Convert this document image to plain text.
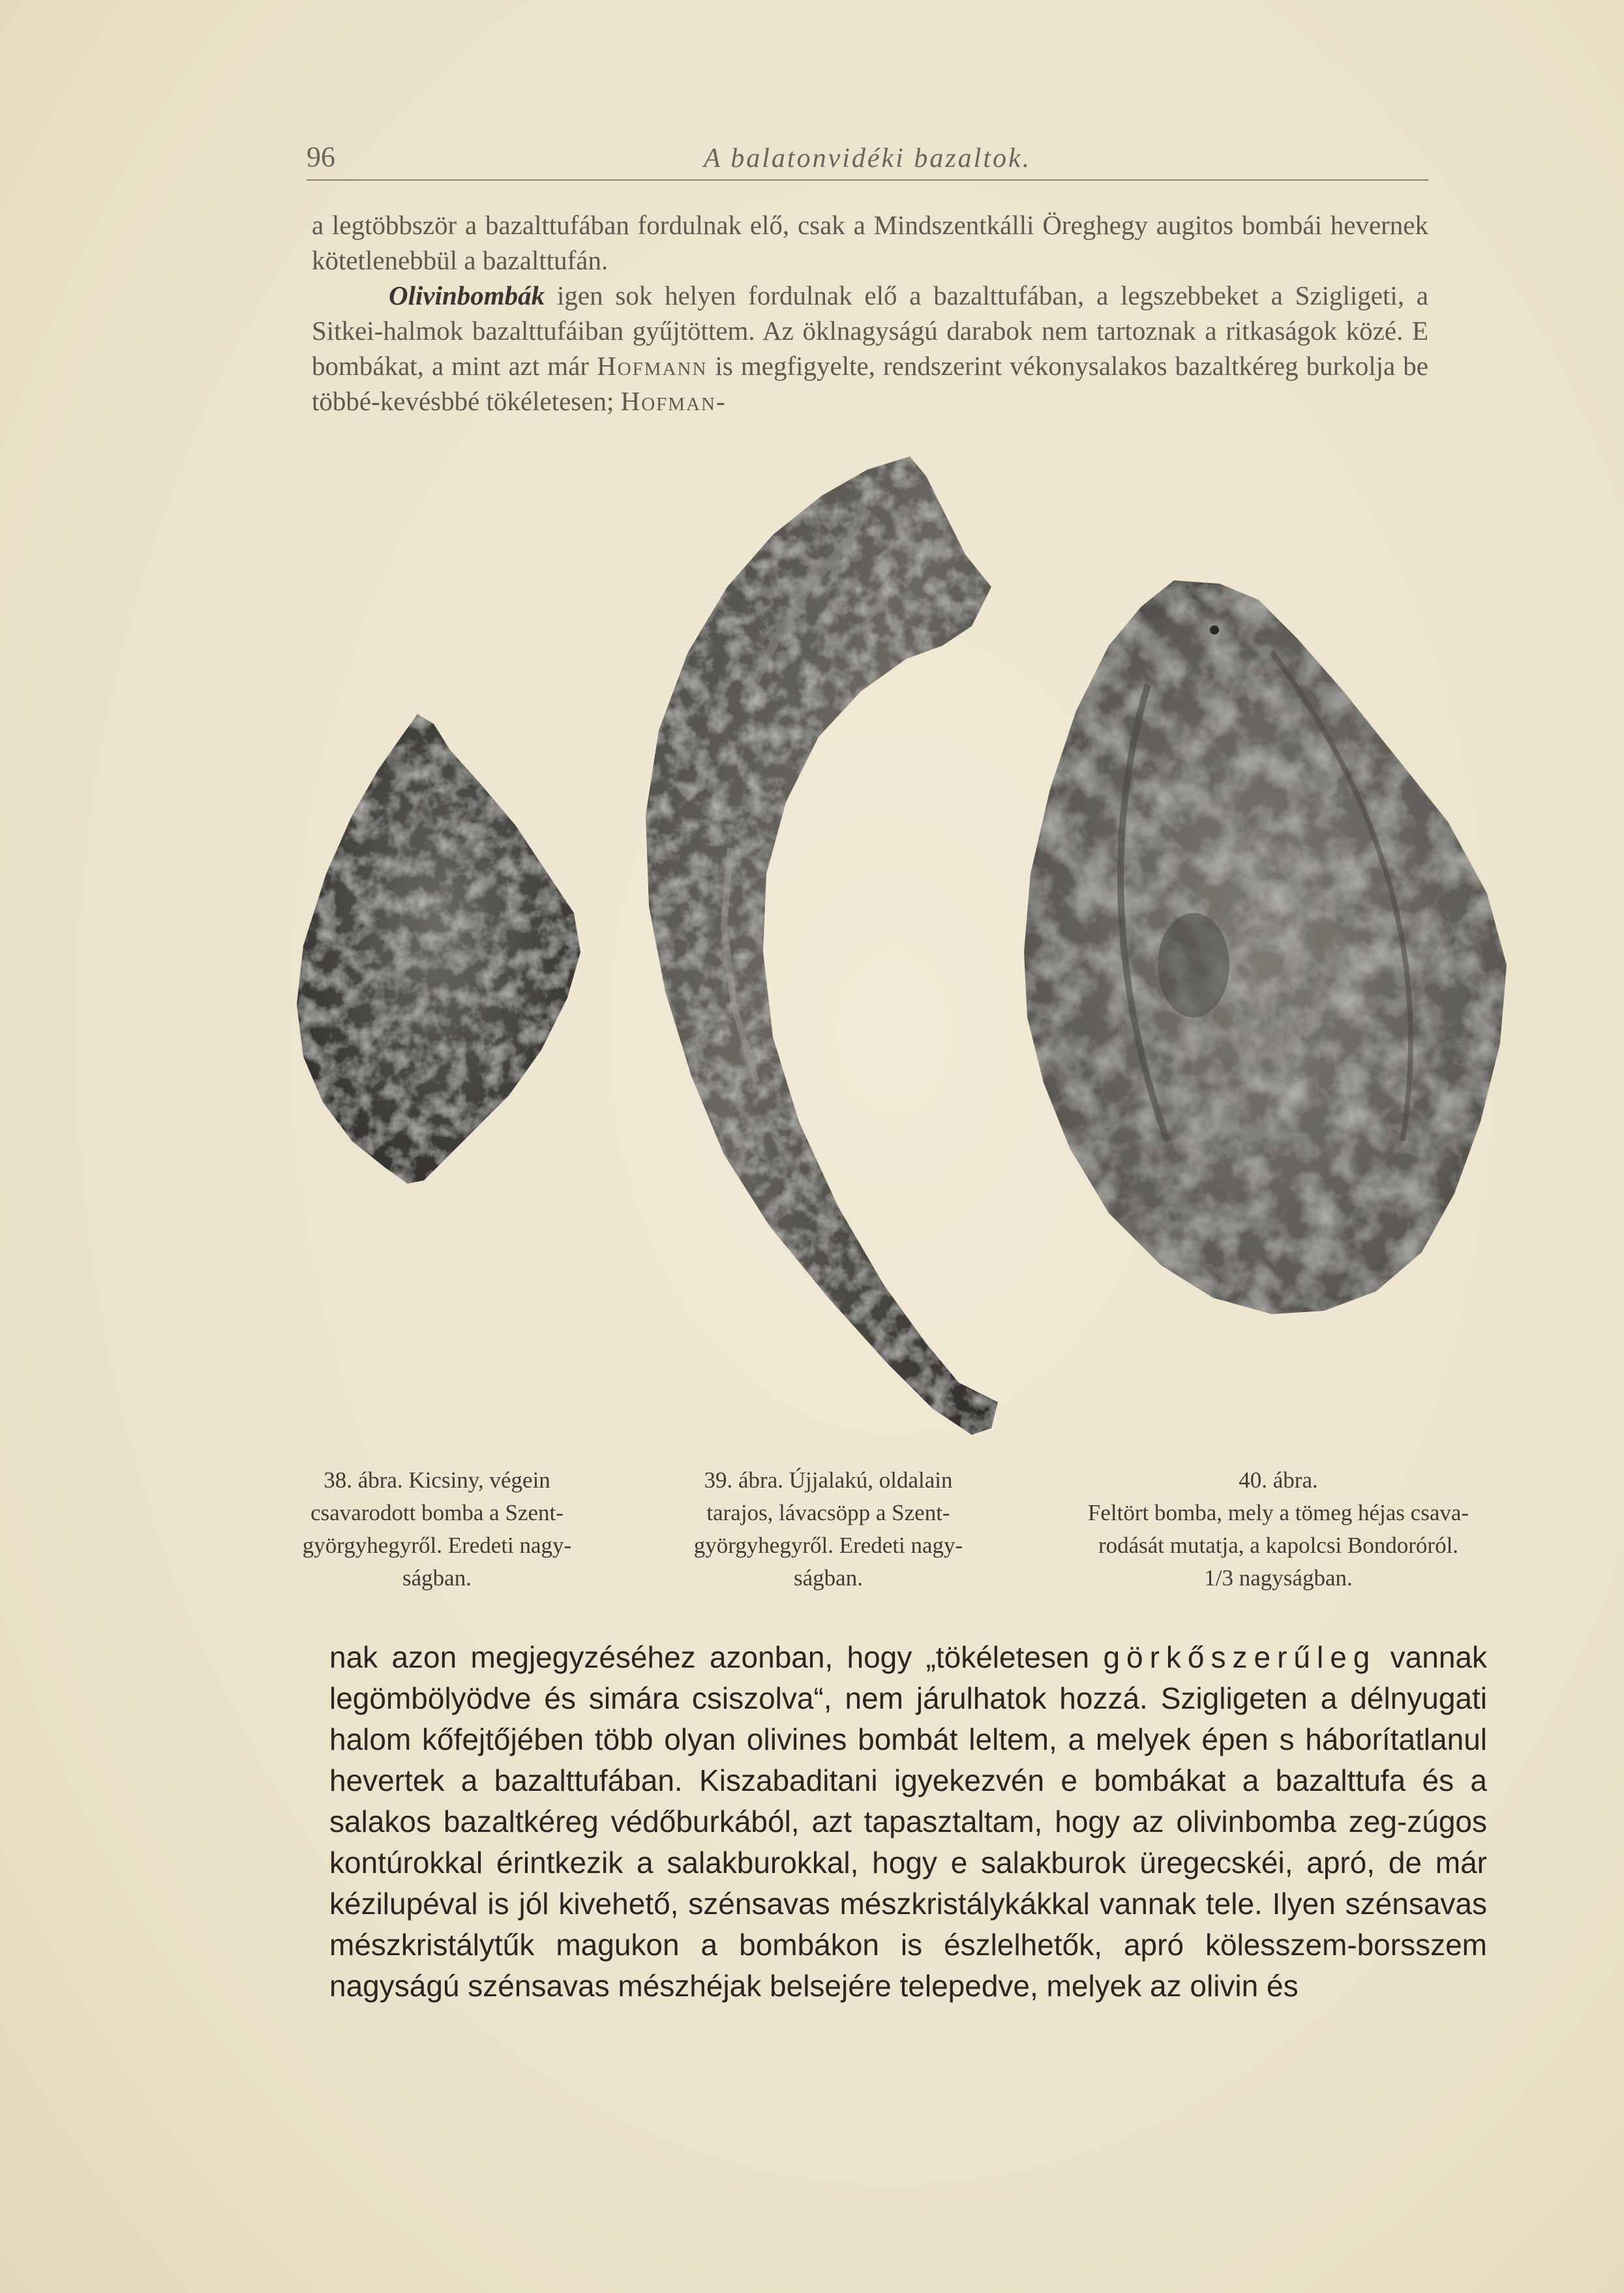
96	A balatonvidéki bazaltok.

a legtöbbször a bazalttufában fordulnak elő, csak a Mindszentkálli Öreghegy augitos bombái hevernek kötetlenebbül a bazalttufán.

Olivinbombák igen sok helyen fordulnak elő a bazalttufában, a legszebbeket a Szigligeti, a Sitkei-halmok bazalttufáiban gyűjtöttem. Az öklnagyságú darabok nem tartoznak a ritkaságok közé. E bombákat, a mint azt már Hofmann is megfigyelte, rendszerint vékonysalakos bazaltkéreg burkolja be többé-kevésbbé tökéletesen; Hofman-

38. ábra. Kicsiny, végein
csavarodott bomba a Szent-
györgyhegyről. Eredeti nagy-
ságban.
39. ábra. Újjalakú, oldalain
tarajos, lávacsöpp a Szent-
györgyhegyről. Eredeti nagy-
ságban.
40. ábra.
Feltört bomba, mely a tömeg héjas csava-
rodását mutatja, a kapolcsi Bondoróról.
1/3 nagyságban.

nak azon megjegyzéséhez azonban, hogy „tökéletesen görkőszerűleg vannak legömbölyödve és simára csiszolva“, nem járulhatok hozzá. Szigligeten a délnyugati halom kőfejtőjében több olyan olivines bombát leltem, a melyek épen s háborítatlanul hevertek a bazalttufában. Kiszabaditani igyekezvén e bombákat a bazalttufa és a salakos bazaltkéreg védőburkából, azt tapasztaltam, hogy az olivinbomba zeg-zúgos kontúrokkal érintkezik a salakburokkal, hogy e salakburok üregecskéi, apró, de már kézilupéval is jól kivehető, szénsavas mészkristálykákkal vannak tele. Ilyen szénsavas mészkristálytűk magukon a bombákon is észlelhetők, apró kölesszem-borsszem nagyságú szénsavas mészhéjak belsejére telepedve, melyek az olivin és
